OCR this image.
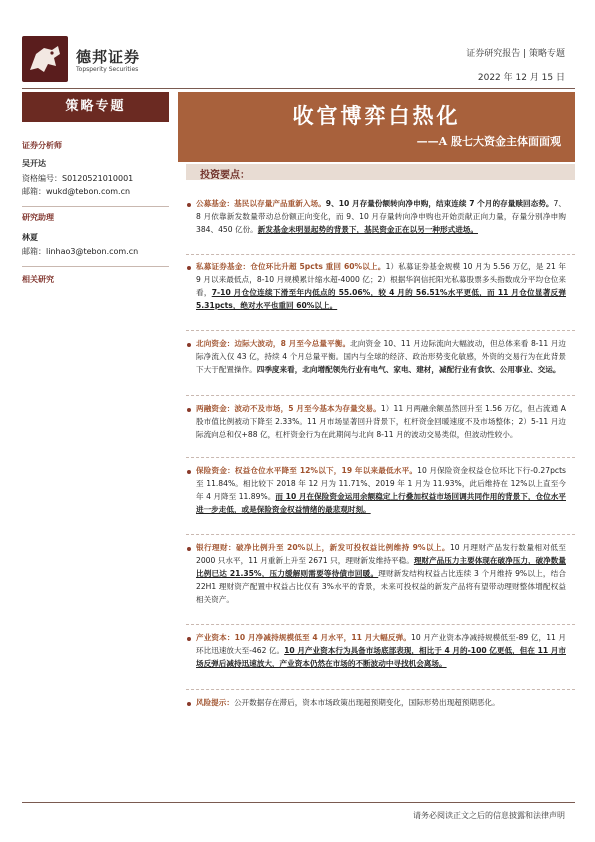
德邦证券
Topsperity Securities
证券研究报告 | 策略专题
2022 年 12 月 15 日
策略专题
证券分析师
吴开达
资格编号：S0120521010001
邮箱：wukd@tebon.com.cn
研究助理
林夏
邮箱：linhao3@tebon.com.cn
相关研究
收官博弈白热化
——A 股七大资金主体面面观
投资要点：
公募基金：基民以存量产品重新入场。9、10 月存量份额转向净申购，结束连续 7 个月的存量赎回态势。7、8 月依靠新发数量带动总份额正向变化，而 9、10 月存量转向净申购也开始贡献正向力量，存量分别净申购 384、450 亿份。新发基金未明显起势的背景下，基民资金正在以另一种形式进场。
私募证券基金：仓位环比升超 5pcts 重回 60%以上。1）私募证券基金规模 10 月为 5.56 万亿，是 21 年 9 月以来最低点，8-10 月规模累计缩水超-4000 亿；2）根据华润信托阳光私募股票多头指数成分平均仓位来看，7-10 月仓位连续下滑至年内低点的 55.06%，较 4 月的 56.51%水平更低，而 11 月仓位显著反弹 5.31pcts，绝对水平也重回 60%以上。
北向资金：边际大波动，8 月至今总量平衡。北向资金 10、11 月边际流向大幅波动，但总体来看 8-11 月边际净流入仅 43 亿，持续 4 个月总量平衡。国内与全球的经济、政治形势变化敏感，外资的交易行为在此背景下大于配置操作。四季度来看，北向增配领先行业有电气、家电、建材，减配行业有食饮、公用事业、交运。
两融资金：波动不及市场，5 月至今基本为存量交易。1）11 月两融余额虽然回升至 1.56 万亿，但占流通 A 股市值比例被动下降至 2.33%。11 月市场显著回升背景下，杠杆资金回暖速度不及市场整体；2）5-11 月边际流向总和仅+88 亿，杠杆资金行为在此期间与北向 8-11 月的波动交易类似，但波动性较小。
保险资金：权益仓位水平降至 12%以下，19 年以来最低水平。10 月保险资金权益仓位环比下行-0.27pcts 至 11.84%。相比较下 2018 年 12 月为 11.71%、2019 年 1 月为 11.93%，此后维持在 12%以上直至今年 4 月降至 11.89%。而 10 月在保险资金运用余额稳定上行叠加权益市场回调共同作用的背景下，仓位水平进一步走低，或是保险资金权益情绪的最悲观时刻。
银行理财：破净比例升至 20%以上，新发可投权益比例维持 9%以上。10 月理财产品发行数量相对低至 2000 只水平，11 月重新上升至 2671 只，理财新发维持平稳。理财产品压力主要体现在破净压力，破净数量比例已达 21.35%，压力缓解则需要等待债市回暖。理财新发结构权益占比连续 3 个月维持 9%以上，结合 22H1 理财资产配置中权益占比仅有 3%水平的背景，未来可投权益的新发产品将有望带动理财整体增配权益相关资产。
产业资本：10 月净减持规模低至 4 月水平，11 月大幅反弹。10 月产业资本净减持规模低至-89 亿，11 月环比迅速放大至-462 亿。10 月产业资本行为具备市场底部表现，相比于 4 月的-100 亿更低，但在 11 月市场反弹后减持迅速放大，产业资本仍然在市场的不断波动中寻找机会离场。
风险提示：公开数据存在滞后，资本市场政策出现超预期变化，国际形势出现超预期恶化。
请务必阅读正文之后的信息披露和法律声明
